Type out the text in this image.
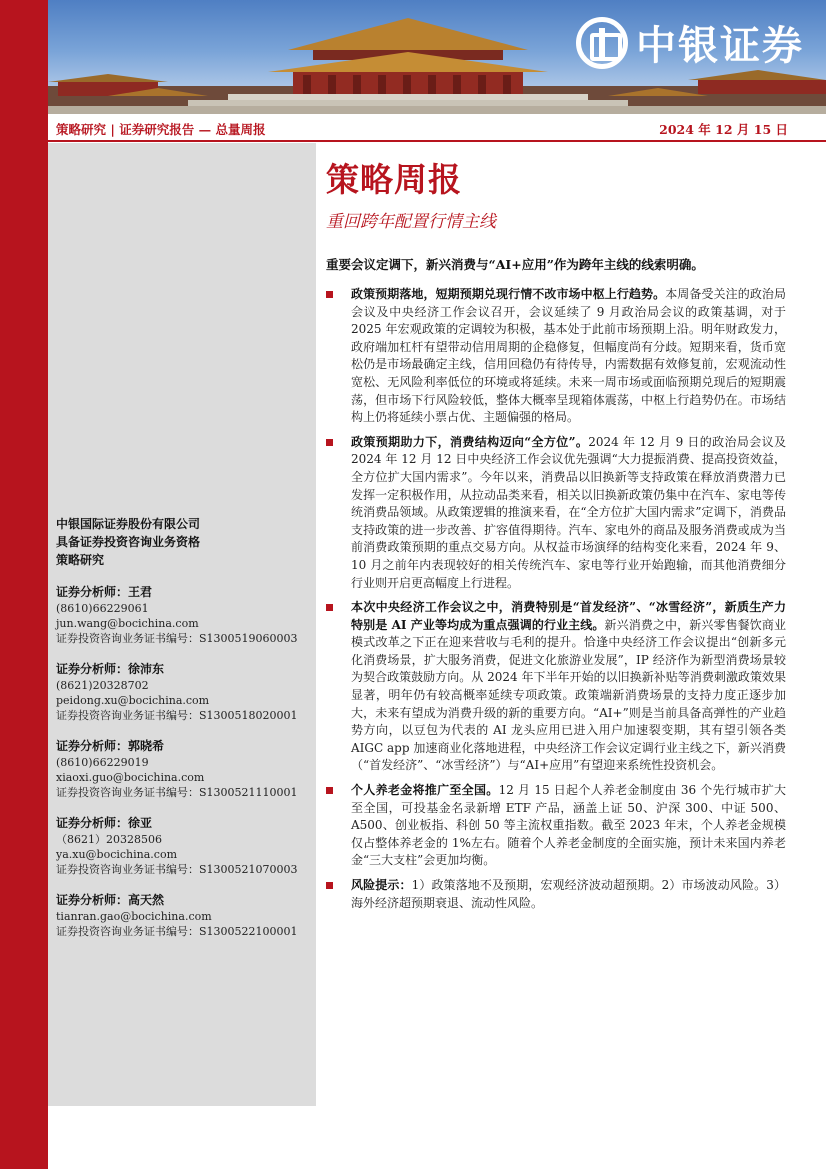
中银证券
策略研究 | 证券研究报告 — 总量周报	2024 年 12 月 15 日
中银国际证券股份有限公司
具备证券投资咨询业务资格
策略研究
证券分析师：王君
(8610)66229061
jun.wang@bocichina.com
证券投资咨询业务证书编号：S1300519060003
证券分析师：徐沛东
(8621)20328702
peidong.xu@bocichina.com
证券投资咨询业务证书编号：S1300518020001
证券分析师：郭晓希
(8610)66229019
xiaoxi.guo@bocichina.com
证券投资咨询业务证书编号：S1300521110001
证券分析师：徐亚
（8621）20328506
ya.xu@bocichina.com
证券投资咨询业务证书编号：S1300521070003
证券分析师：高天然
tianran.gao@bocichina.com
证券投资咨询业务证书编号：S1300522100001
策略周报
重回跨年配置行情主线
重要会议定调下，新兴消费与“AI+应用”作为跨年主线的线索明确。
政策预期落地，短期预期兑现行情不改市场中枢上行趋势。本周备受关注的政治局会议及中央经济工作会议召开，会议延续了 9 月政治局会议的政策基调，对于 2025 年宏观政策的定调较为积极，基本处于此前市场预期上沿。明年财政发力，政府端加杠杆有望带动信用周期的企稳修复，但幅度尚有分歧。短期来看，货币宽松仍是市场最确定主线，信用回稳仍有待传导，内需数据有效修复前，宏观流动性宽松、无风险利率低位的环境或将延续。未来一周市场或面临预期兑现后的短期震荡，但市场下行风险较低，整体大概率呈现箱体震荡，中枢上行趋势仍在。市场结构上仍将延续小票占优、主题偏强的格局。
政策预期助力下，消费结构迈向“全方位”。2024 年 12 月 9 日的政治局会议及 2024 年 12 月 12 日中央经济工作会议优先强调“大力提振消费、提高投资效益，全方位扩大国内需求”。今年以来，消费品以旧换新等支持政策在释放消费潜力已发挥一定积极作用，从拉动品类来看，相关以旧换新政策仍集中在汽车、家电等传统消费品领域。从政策逻辑的推演来看，在“全方位扩大国内需求”定调下，消费品支持政策的进一步改善、扩容值得期待。汽车、家电外的商品及服务消费或成为当前消费政策预期的重点交易方向。从权益市场演绎的结构变化来看，2024 年 9、10 月之前年内表现较好的相关传统汽车、家电等行业开始跑输，而其他消费细分行业则开启更高幅度上行进程。
本次中央经济工作会议之中，消费特别是“首发经济”、“冰雪经济”，新质生产力特别是 AI 产业等均成为重点强调的行业主线。新兴消费之中，新兴零售餐饮商业模式改革之下正在迎来营收与毛利的提升。恰逢中央经济工作会议提出“创新多元化消费场景，扩大服务消费，促进文化旅游业发展”，IP 经济作为新型消费场景较为契合政策鼓励方向。从 2024 年下半年开始的以旧换新补贴等消费刺激政策效果显著，明年仍有较高概率延续专项政策。政策端新消费场景的支持力度正逐步加大，未来有望成为消费升级的新的重要方向。“AI+”则是当前具备高弹性的产业趋势方向，以豆包为代表的 AI 龙头应用已进入用户加速裂变期，其有望引领各类 AIGC app 加速商业化落地进程，中央经济工作会议定调行业主线之下，新兴消费（“首发经济”、“冰雪经济”）与“AI+应用”有望迎来系统性投资机会。
个人养老金将推广至全国。12 月 15 日起个人养老金制度由 36 个先行城市扩大至全国，可投基金名录新增 ETF 产品，涵盖上证 50、沪深 300、中证 500、A500、创业板指、科创 50 等主流权重指数。截至 2023 年末，个人养老金规模仅占整体养老金的 1%左右。随着个人养老金制度的全面实施，预计未来国内养老金“三大支柱”会更加均衡。
风险提示：1）政策落地不及预期，宏观经济波动超预期。2）市场波动风险。3）海外经济超预期衰退、流动性风险。
